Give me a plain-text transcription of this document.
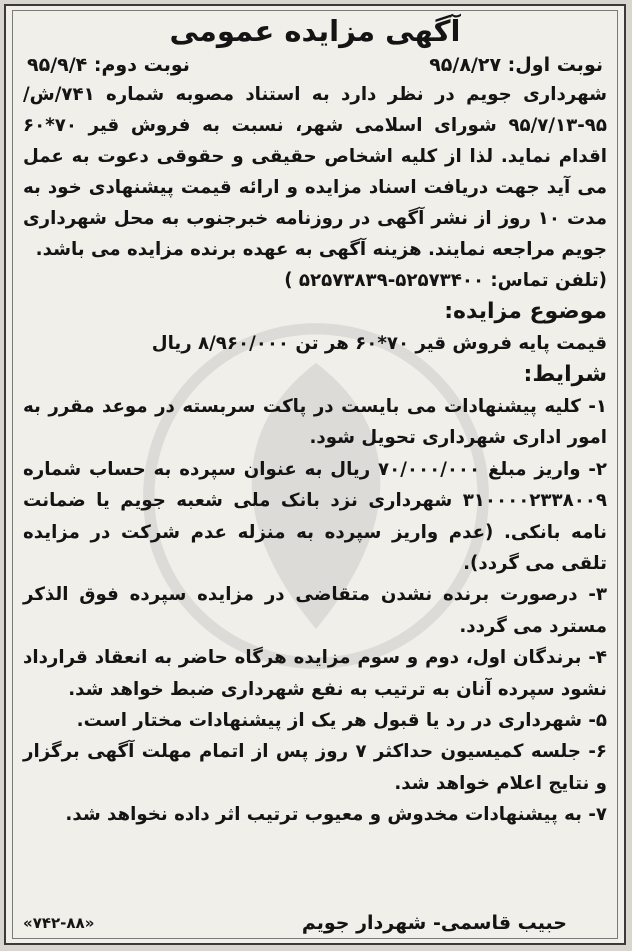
آگهی مزایده عمومی
نوبت اول: ۹۵/۸/۲۷
نوبت دوم: ۹۵/۹/۴

شهرداری جویم در نظر دارد به استناد مصوبه شماره ۷۴۱/ش/۹۵-۹۵/۷/۱۳ شورای اسلامی شهر، نسبت به فروش قیر ۷۰*۶۰ اقدام نماید. لذا از کلیه اشخاص حقیقی و حقوقی دعوت به عمل می آید جهت دریافت اسناد مزایده و ارائه قیمت پیشنهادی خود به مدت ۱۰ روز از نشر آگهی در روزنامه خبرجنوب به محل شهرداری جویم مراجعه نمایند. هزینه آگهی به عهده برنده مزایده می باشد.

(تلفن تماس: ۵۲۵۷۳۴۰۰-۵۲۵۷۳۸۳۹ )

موضوع مزایده:

قیمت پایه فروش قیر ۷۰*۶۰ هر تن ۸/۹۶۰/۰۰۰ ریال

شرایط:

۱- کلیه پیشنهادات می بایست در پاکت سربسته در موعد مقرر به امور اداری شهرداری تحویل شود.

۲- واریز مبلغ ۷۰/۰۰۰/۰۰۰ ریال به عنوان سپرده به حساب شماره ۳۱۰۰۰۰۲۳۳۸۰۰۹ شهرداری نزد بانک ملی شعبه جویم یا ضمانت نامه بانکی. (عدم واریز سپرده به منزله عدم شرکت در مزایده تلقی می گردد).

۳- درصورت برنده نشدن متقاضی در مزایده سپرده فوق الذکر مسترد می گردد.

۴- برندگان اول، دوم و سوم مزایده هرگاه حاضر به انعقاد قرارداد نشود سپرده آنان به ترتیب به نفع شهرداری ضبط خواهد شد.

۵- شهرداری در رد یا قبول هر یک از پیشنهادات مختار است.

۶- جلسه کمیسیون حداکثر ۷ روز پس از اتمام مهلت آگهی برگزار و نتایج اعلام خواهد شد.

۷- به پیشنهادات مخدوش و معیوب ترتیب اثر داده نخواهد شد.

حبیب قاسمی- شهردار جویم
«۷۴۲-۸۸»
